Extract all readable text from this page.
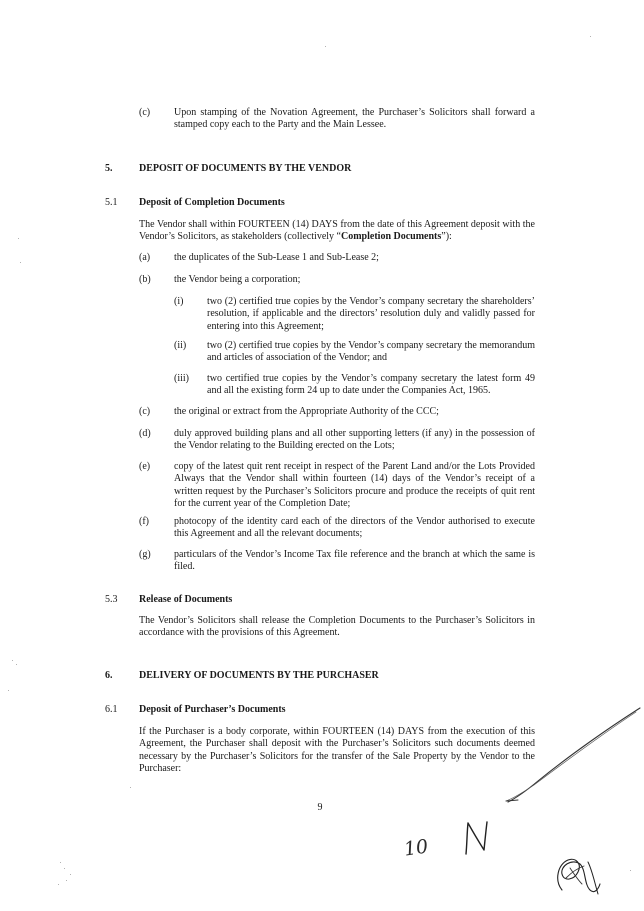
(c) Upon stamping of the Novation Agreement, the Purchaser’s Solicitors shall forward a stamped copy each to the Party and the Main Lessee.
5.	DEPOSIT OF DOCUMENTS BY THE VENDOR
5.1 Deposit of Completion Documents
The Vendor shall within FOURTEEN (14) DAYS from the date of this Agreement deposit with the Vendor’s Solicitors, as stakeholders (collectively “Completion Documents”):
(a) the duplicates of the Sub-Lease 1 and Sub-Lease 2;
(b) the Vendor being a corporation;
(i) two (2) certified true copies by the Vendor’s company secretary the shareholders’ resolution, if applicable and the directors’ resolution duly and validly passed for entering into this Agreement;
(ii) two (2) certified true copies by the Vendor’s company secretary the memorandum and articles of association of the Vendor; and
(iii) two certified true copies by the Vendor’s company secretary the latest form 49 and all the existing form 24 up to date under the Companies Act, 1965.
(c) the original or extract from the Appropriate Authority of the CCC;
(d) duly approved building plans and all other supporting letters (if any) in the possession of the Vendor relating to the Building erected on the Lots;
(e) copy of the latest quit rent receipt in respect of the Parent Land and/or the Lots Provided Always that the Vendor shall within fourteen (14) days of the Vendor’s receipt of a written request by the Purchaser’s Solicitors procure and produce the receipts of quit rent for the current year of the Completion Date;
(f)	photocopy of the identity card each of the directors of the Vendor authorised to execute this Agreement and all the relevant documents;
(g) particulars of the Vendor’s Income Tax file reference and the branch at which the same is filed.
5.3 Release of Documents
The Vendor’s Solicitors shall release the Completion Documents to the Purchaser’s Solicitors in accordance with the provisions of this Agreement.
6.	DELIVERY OF DOCUMENTS BY THE PURCHASER
6.1 Deposit of Purchaser’s Documents
If the Purchaser is a body corporate, within FOURTEEN (14) DAYS from the execution of this Agreement, the Purchaser shall deposit with the Purchaser’s Solicitors such documents deemed necessary by the Purchaser’s Solicitors for the transfer of the Sale Property by the Vendor to the Purchaser:
9
10
